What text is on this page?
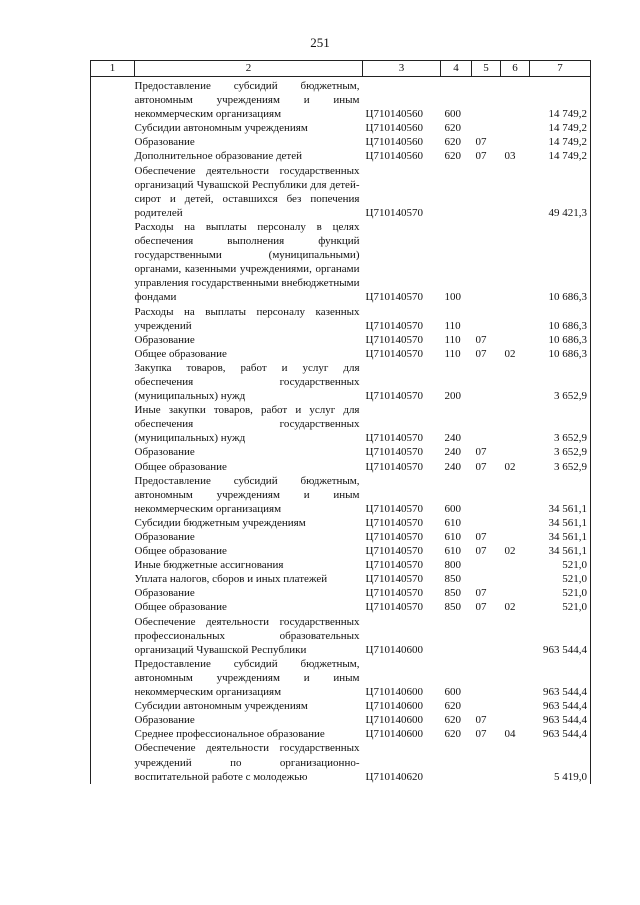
251
1	2	3	4	5	6	7
	Предоставление субсидий бюджетным, автономным учреждениям и иным некоммерческим организациям	Ц710140560	600			14 749,2
	Субсидии автономным учреждениям	Ц710140560	620			14 749,2
	Образование	Ц710140560	620	07		14 749,2
	Дополнительное образование детей	Ц710140560	620	07	03	14 749,2
	Обеспечение деятельности государственных организаций Чувашской Республики для детей-сирот и детей, оставшихся без попечения родителей	Ц710140570				49 421,3
	Расходы на выплаты персоналу в целях обеспечения выполнения функций государственными (муниципальными) органами, казенными учреждениями, органами управления государственными внебюджетными фондами	Ц710140570	100			10 686,3
	Расходы на выплаты персоналу казенных учреждений	Ц710140570	110			10 686,3
	Образование	Ц710140570	110	07		10 686,3
	Общее образование	Ц710140570	110	07	02	10 686,3
	Закупка товаров, работ и услуг для обеспечения государственных (муниципальных) нужд	Ц710140570	200			3 652,9
	Иные закупки товаров, работ и услуг для обеспечения государственных (муниципальных) нужд	Ц710140570	240			3 652,9
	Образование	Ц710140570	240	07		3 652,9
	Общее образование	Ц710140570	240	07	02	3 652,9
	Предоставление субсидий бюджетным, автономным учреждениям и иным некоммерческим организациям	Ц710140570	600			34 561,1
	Субсидии бюджетным учреждениям	Ц710140570	610			34 561,1
	Образование	Ц710140570	610	07		34 561,1
	Общее образование	Ц710140570	610	07	02	34 561,1
	Иные бюджетные ассигнования	Ц710140570	800			521,0
	Уплата налогов, сборов и иных платежей	Ц710140570	850			521,0
	Образование	Ц710140570	850	07		521,0
	Общее образование	Ц710140570	850	07	02	521,0
	Обеспечение деятельности государственных профессиональных образовательных организаций Чувашской Республики	Ц710140600				963 544,4
	Предоставление субсидий бюджетным, автономным учреждениям и иным некоммерческим организациям	Ц710140600	600			963 544,4
	Субсидии автономным учреждениям	Ц710140600	620			963 544,4
	Образование	Ц710140600	620	07		963 544,4
	Среднее профессиональное образование	Ц710140600	620	07	04	963 544,4
	Обеспечение деятельности государственных учреждений по организационно-воспитательной работе с молодежью	Ц710140620				5 419,0
